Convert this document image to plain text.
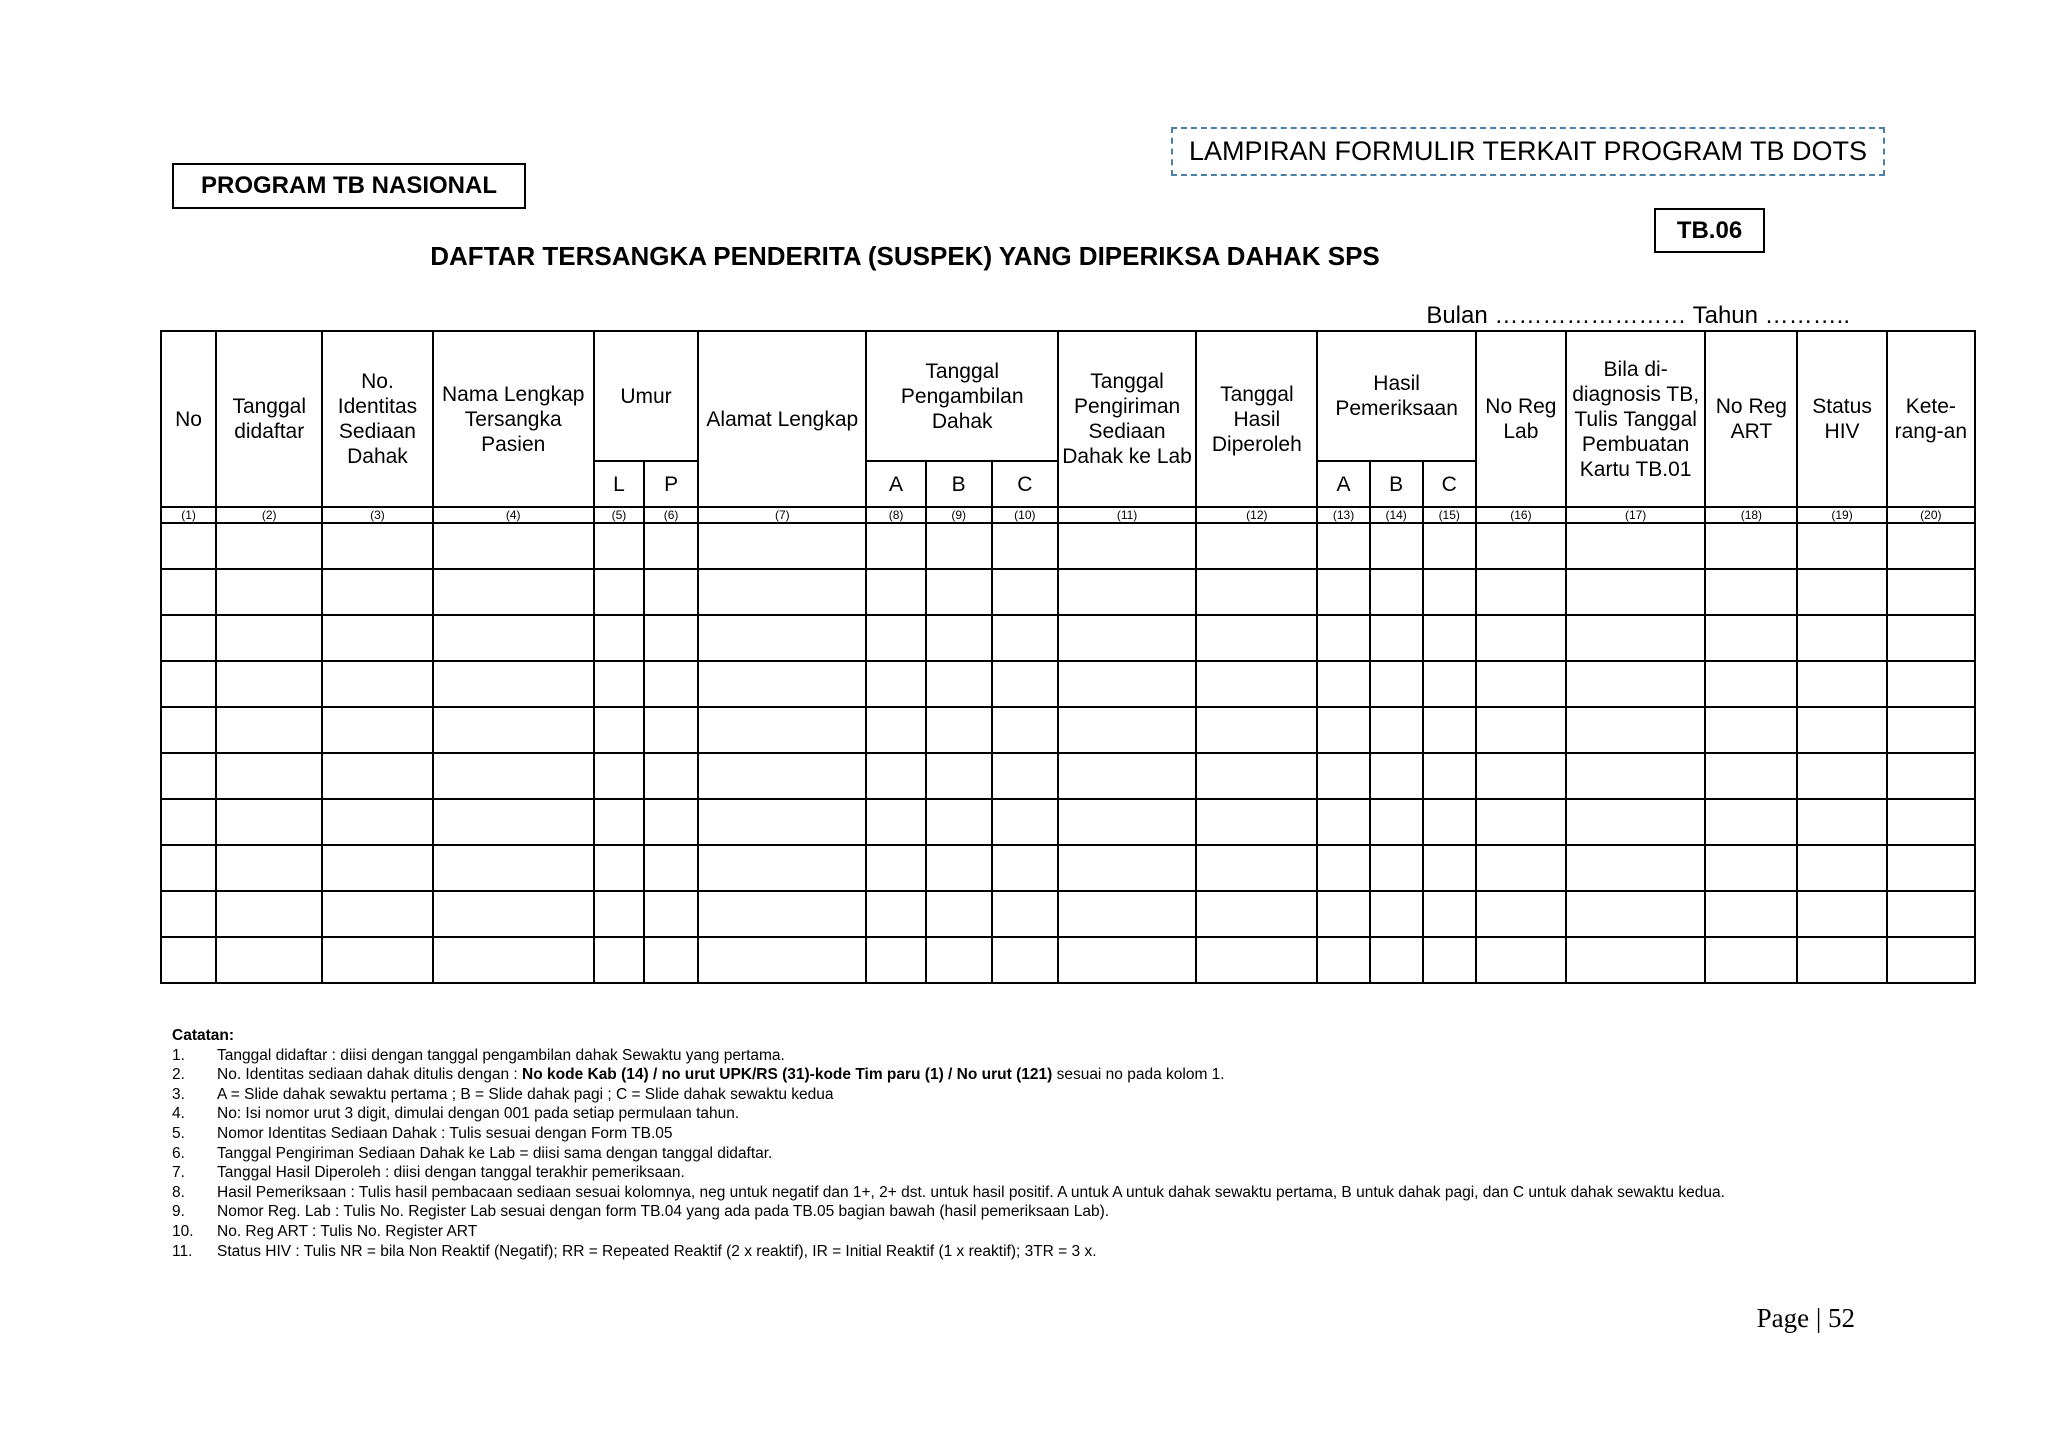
LAMPIRAN FORMULIR TERKAIT PROGRAM TB DOTS
PROGRAM TB NASIONAL
TB.06
DAFTAR TERSANGKA PENDERITA (SUSPEK) YANG DIPERIKSA DAHAK SPS
Bulan …………………… Tahun ………..
No	Tanggal didaftar	No. Identitas Sediaan Dahak	Nama Lengkap Tersangka Pasien	Umur		Alamat Lengkap	Tanggal Pengambilan Dahak			Tanggal Pengiriman Sediaan Dahak ke Lab	Tanggal Hasil Diperoleh	Hasil Pemeriksaan			No Reg Lab	Bila di-diagnosis TB, Tulis Tanggal Pembuatan Kartu TB.01	No Reg ART	Status HIV	Kete-rang-an
				L	P		A	B	C			A	B	C					
(1)	(2)	(3)	(4)	(5)	(6)	(7)	(8)	(9)	(10)	(11)	(12)	(13)	(14)	(15)	(16)	(17)	(18)	(19)	(20)

Catatan:
1.	Tanggal didaftar : diisi dengan tanggal pengambilan dahak Sewaktu yang pertama.
2.	No. Identitas sediaan dahak ditulis dengan : No kode Kab (14) / no urut UPK/RS (31)-kode Tim paru (1) / No urut (121) sesuai no pada kolom 1.
3.	A = Slide dahak sewaktu pertama ; B = Slide dahak pagi ; C = Slide dahak sewaktu kedua
4.	No: Isi nomor urut 3 digit, dimulai dengan 001 pada setiap permulaan tahun.
5.	Nomor Identitas Sediaan Dahak : Tulis sesuai dengan Form TB.05
6.	Tanggal Pengiriman Sediaan Dahak ke Lab = diisi sama dengan tanggal didaftar.
7.	Tanggal Hasil Diperoleh : diisi dengan tanggal terakhir pemeriksaan.
8.	Hasil Pemeriksaan : Tulis hasil pembacaan sediaan sesuai kolomnya, neg untuk negatif dan 1+, 2+ dst. untuk hasil positif. A untuk A untuk dahak sewaktu pertama, B untuk dahak pagi, dan C untuk dahak sewaktu kedua.
9.	Nomor Reg. Lab : Tulis No. Register Lab sesuai dengan form TB.04 yang ada pada TB.05 bagian bawah (hasil pemeriksaan Lab).
10.	No. Reg ART : Tulis No. Register ART
11.	Status HIV : Tulis NR = bila Non Reaktif (Negatif); RR = Repeated Reaktif (2 x reaktif), IR = Initial Reaktif (1 x reaktif); 3TR = 3 x.
Page | 52
